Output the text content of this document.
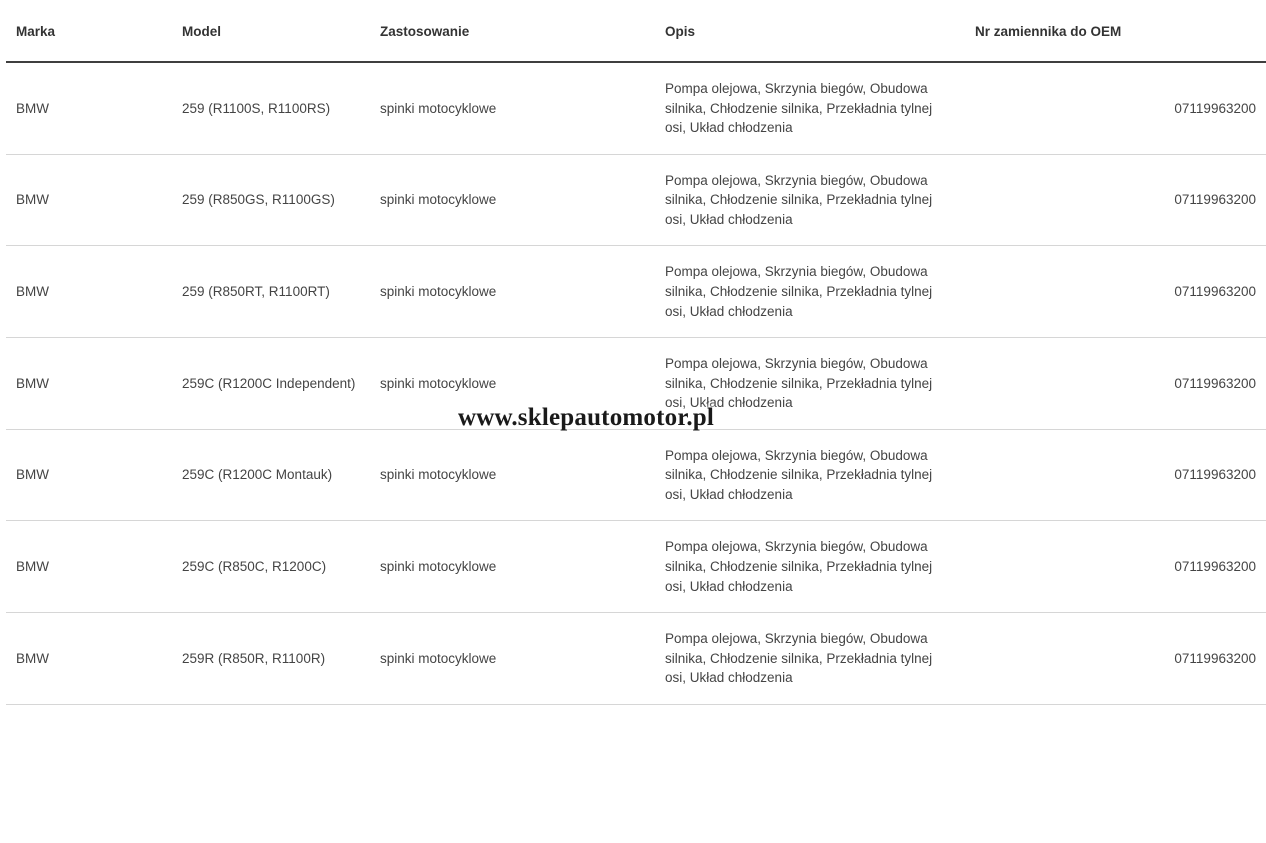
Marka	Model	Zastosowanie	Opis	Nr zamiennika do OEM
BMW	259 (R1100S, R1100RS)	spinki motocyklowe	Pompa olejowa, Skrzynia biegów, Obudowa silnika, Chłodzenie silnika, Przekładnia tylnej osi, Układ chłodzenia	07119963200
BMW	259 (R850GS, R1100GS)	spinki motocyklowe	Pompa olejowa, Skrzynia biegów, Obudowa silnika, Chłodzenie silnika, Przekładnia tylnej osi, Układ chłodzenia	07119963200
BMW	259 (R850RT, R1100RT)	spinki motocyklowe	Pompa olejowa, Skrzynia biegów, Obudowa silnika, Chłodzenie silnika, Przekładnia tylnej osi, Układ chłodzenia	07119963200
BMW	259C (R1200C Independent)	spinki motocyklowe	Pompa olejowa, Skrzynia biegów, Obudowa silnika, Chłodzenie silnika, Przekładnia tylnej osi, Układ chłodzenia	07119963200
BMW	259C (R1200C Montauk)	spinki motocyklowe	Pompa olejowa, Skrzynia biegów, Obudowa silnika, Chłodzenie silnika, Przekładnia tylnej osi, Układ chłodzenia	07119963200
BMW	259C (R850C, R1200C)	spinki motocyklowe	Pompa olejowa, Skrzynia biegów, Obudowa silnika, Chłodzenie silnika, Przekładnia tylnej osi, Układ chłodzenia	07119963200
BMW	259R (R850R, R1100R)	spinki motocyklowe	Pompa olejowa, Skrzynia biegów, Obudowa silnika, Chłodzenie silnika, Przekładnia tylnej osi, Układ chłodzenia	07119963200
www.sklepautomotor.pl
